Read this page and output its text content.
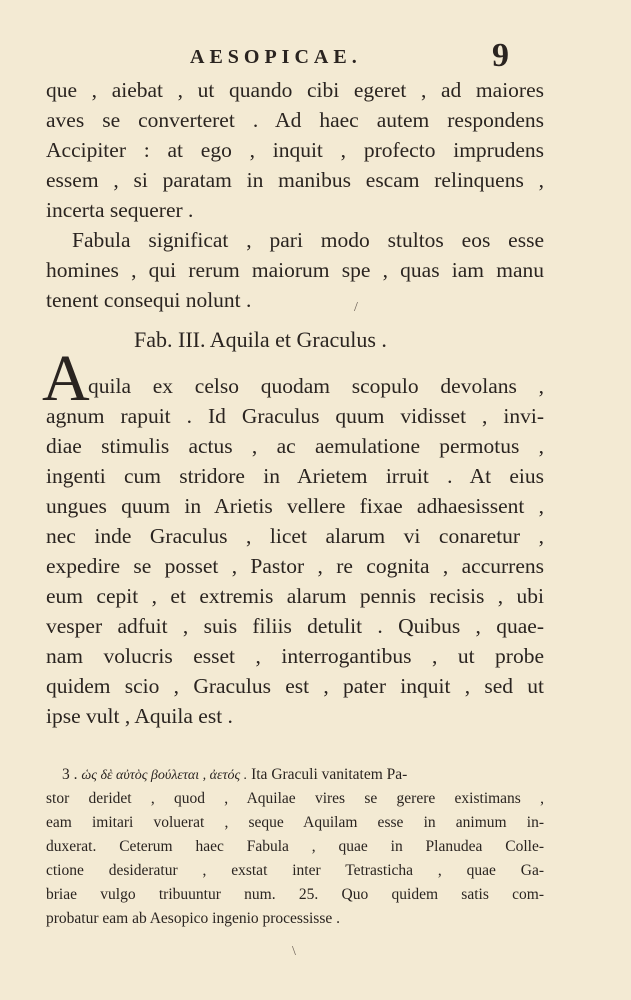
AESOPICAE.	9
que , aiebat , ut quando cibi egeret , ad maiores
aves se converteret . Ad haec autem respondens
Accipiter : at ego , inquit , profecto imprudens
essem , si paratam in manibus escam relinquens ,
incerta sequerer .
Fabula significat , pari modo stultos eos esse
homines , qui rerum maiorum spe , quas iam manu
tenent consequi nolunt .
Fab. III. Aquila et Graculus .
A
quila ex celso quodam scopulo devolans ,
agnum rapuit . Id Graculus quum vidisset , invi-
diae stimulis actus , ac aemulatione permotus ,
ingenti cum stridore in Arietem irruit . At eius
ungues quum in Arietis vellere fixae adhaesissent ,
nec inde Graculus , licet alarum vi conaretur ,
expedire se posset , Pastor , re cognita , accurrens
eum cepit , et extremis alarum pennis recisis , ubi
vesper adfuit , suis filiis detulit . Quibus , quae-
nam volucris esset , interrogantibus , ut probe
quidem scio , Graculus est , pater inquit , sed ut
ipse vult , Aquila est .
3 . ὡς δὲ αὐτὸς βούλεται , ἀετός . Ita Graculi vanitatem Pa-
stor deridet , quod , Aquilae vires se gerere existimans ,
eam imitari voluerat , seque Aquilam esse in animum in-
duxerat. Ceterum haec Fabula , quae in Planudea Colle-
ctione desideratur , exstat inter Tetrasticha , quae Ga-
briae vulgo tribuuntur num. 25. Quo quidem satis com-
probatur eam ab Aesopico ingenio processisse .
/
\
